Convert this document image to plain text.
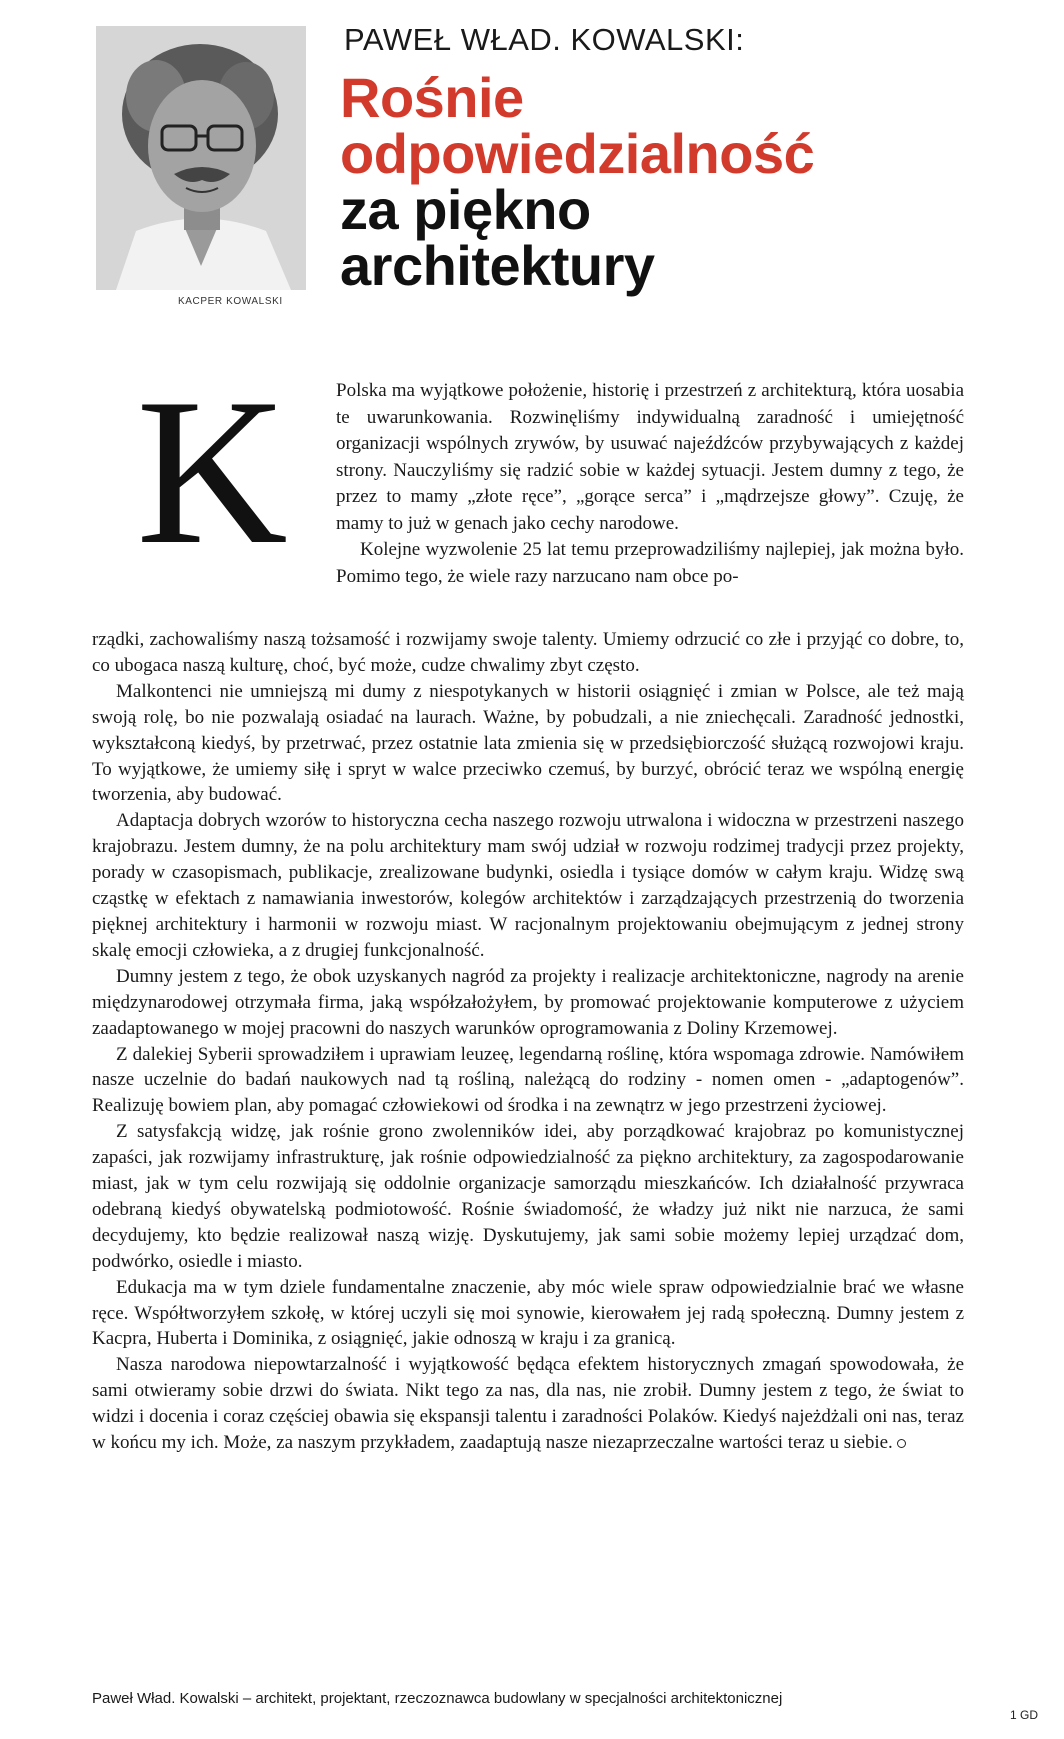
KACPER KOWALSKI
PAWEŁ WŁAD. KOWALSKI:
Rośnie
odpowiedzialność
za piękno
architektury
K	Polska ma wyjątkowe położenie, historię i przestrzeń z architekturą, która uosabia te uwarunkowania. Rozwinęliśmy indywidualną zaradność i umiejętność organizacji wspólnych zrywów, by usuwać najeźdźców przybywających z każdej strony. Nauczyliśmy się radzić sobie w każdej sytuacji. Jestem dumny z tego, że przez to mamy „złote ręce”, „gorące serca” i „mądrzejsze głowy”. Czuję, że mamy to już w genach jako cechy narodowe.

Kolejne wyzwolenie 25 lat temu przeprowadziliśmy najlepiej, jak można było. Pomimo tego, że wiele razy narzucano nam obce po-

rządki, zachowaliśmy naszą tożsamość i rozwijamy swoje talenty. Umiemy odrzucić co złe i przyjąć co dobre, to, co ubogaca naszą kulturę, choć, być może, cudze chwalimy zbyt często.

Malkontenci nie umniejszą mi dumy z niespotykanych w historii osiągnięć i zmian w Polsce, ale też mają swoją rolę, bo nie pozwalają osiadać na laurach. Ważne, by pobudzali, a nie zniechęcali. Zaradność jednostki, wykształconą kiedyś, by przetrwać, przez ostatnie lata zmienia się w przedsiębiorczość służącą rozwojowi kraju. To wyjątkowe, że umiemy siłę i spryt w walce przeciwko czemuś, by burzyć, obrócić teraz we wspólną energię tworzenia, aby budować.

Adaptacja dobrych wzorów to historyczna cecha naszego rozwoju utrwalona i widoczna w przestrzeni naszego krajobrazu. Jestem dumny, że na polu architektury mam swój udział w rozwoju rodzimej tradycji przez projekty, porady w czasopismach, publikacje, zrealizowane budynki, osiedla i tysiące domów w całym kraju. Widzę swą cząstkę w efektach z namawiania inwestorów, kolegów architektów i zarządzających przestrzenią do tworzenia pięknej architektury i harmonii w rozwoju miast. W racjonalnym projektowaniu obejmującym z jednej strony skalę emocji człowieka, a z drugiej funkcjonalność.

Dumny jestem z tego, że obok uzyskanych nagród za projekty i realizacje architektoniczne, nagrody na arenie międzynarodowej otrzymała firma, jaką współzałożyłem, by promować projektowanie komputerowe z użyciem zaadaptowanego w mojej pracowni do naszych warunków oprogramowania z Doliny Krzemowej.

Z dalekiej Syberii sprowadziłem i uprawiam leuzeę, legendarną roślinę, która wspomaga zdrowie. Namówiłem nasze uczelnie do badań naukowych nad tą rośliną, należącą do rodziny - nomen omen - „adaptogenów”. Realizuję bowiem plan, aby pomagać człowiekowi od środka i na zewnątrz w jego przestrzeni życiowej.

Z satysfakcją widzę, jak rośnie grono zwolenników idei, aby porządkować krajobraz po komunistycznej zapaści, jak rozwijamy infrastrukturę, jak rośnie odpowiedzialność za piękno architektury, za zagospodarowanie miast, jak w tym celu rozwijają się oddolnie organizacje samorządu mieszkańców. Ich działalność przywraca odebraną kiedyś obywatelską podmiotowość. Rośnie świadomość, że władzy już nikt nie narzuca, że sami decydujemy, kto będzie realizował naszą wizję. Dyskutujemy, jak sami sobie możemy lepiej urządzać dom, podwórko, osiedle i miasto.

Edukacja ma w tym dziele fundamentalne znaczenie, aby móc wiele spraw odpowiedzialnie brać we własne ręce. Współtworzyłem szkołę, w której uczyli się moi synowie, kierowałem jej radą społeczną. Dumny jestem z Kacpra, Huberta i Dominika, z osiągnięć, jakie odnoszą w kraju i za granicą.

Nasza narodowa niepowtarzalność i wyjątkowość będąca efektem historycznych zmagań spowodowała, że sami otwieramy sobie drzwi do świata. Nikt tego za nas, dla nas, nie zrobił. Dumny jestem z tego, że świat to widzi i docenia i coraz częściej obawia się ekspansji talentu i zaradności Polaków. Kiedyś najeżdżali oni nas, teraz w końcu my ich. Może, za naszym przykładem, zaadaptują nasze niezaprzeczalne wartości teraz u siebie.

Paweł Wład. Kowalski – architekt, projektant, rzeczoznawca budowlany w specjalności architektonicznej
1 GD
